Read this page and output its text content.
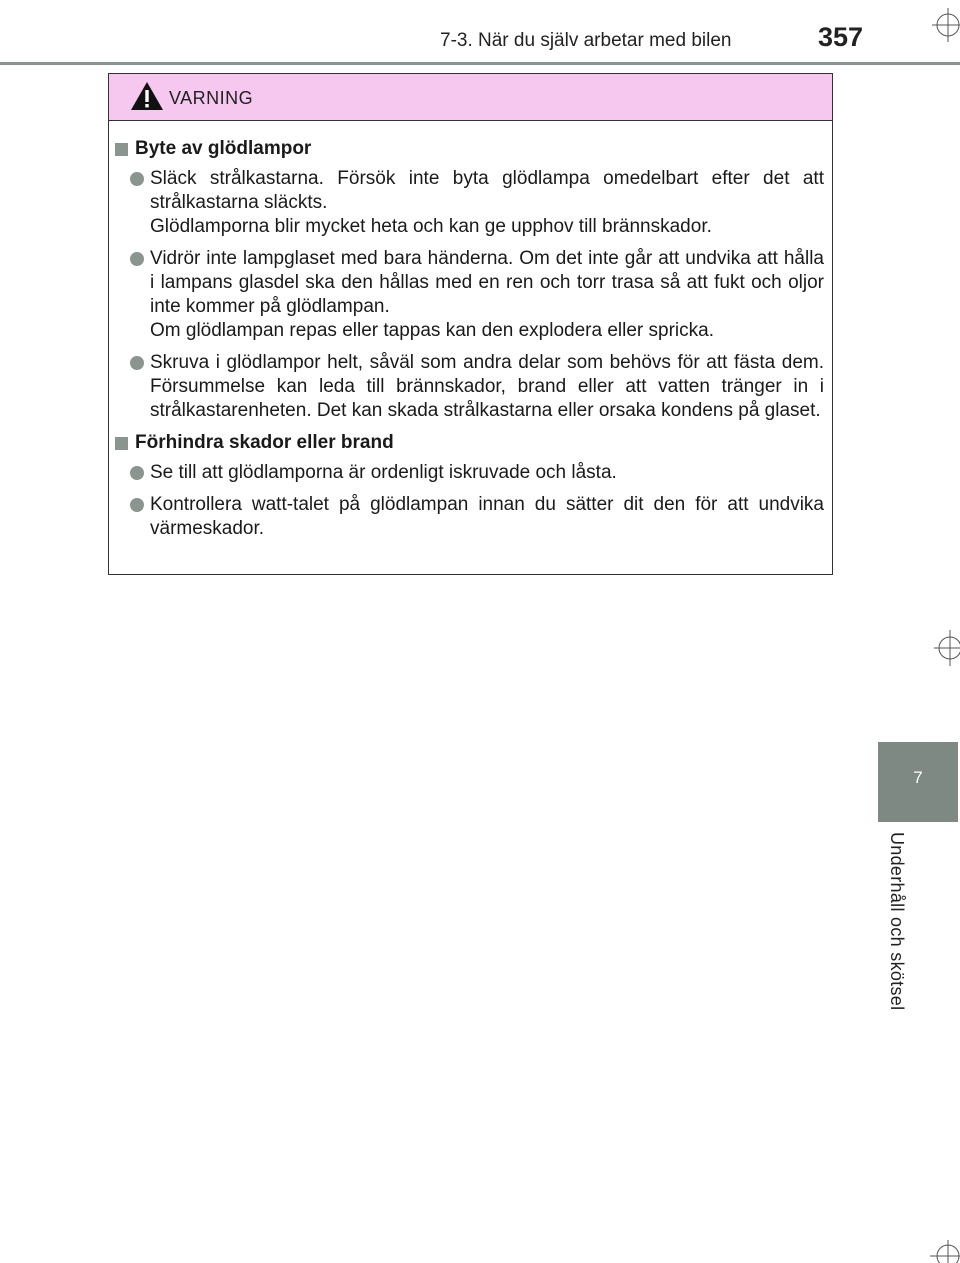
7-3. När du själv arbetar med bilen	357
VARNING
Byte av glödlampor

Släck strålkastarna. Försök inte byta glödlampa omedelbart efter det att strålkastarna släckts.

Glödlamporna blir mycket heta och kan ge upphov till brännskador.

Vidrör inte lampglaset med bara händerna. Om det inte går att undvika att hålla i lampans glasdel ska den hållas med en ren och torr trasa så att fukt och oljor inte kommer på glödlampan.

Om glödlampan repas eller tappas kan den explodera eller spricka.

Skruva i glödlampor helt, såväl som andra delar som behövs för att fästa dem. Försummelse kan leda till brännskador, brand eller att vatten tränger in i strålkastarenheten. Det kan skada strålkastarna eller orsaka kondens på glaset.

Förhindra skador eller brand

Se till att glödlamporna är ordenligt iskruvade och låsta.

Kontrollera watt-talet på glödlampan innan du sätter dit den för att undvika värmeskador.

7
Underhåll och skötsel
